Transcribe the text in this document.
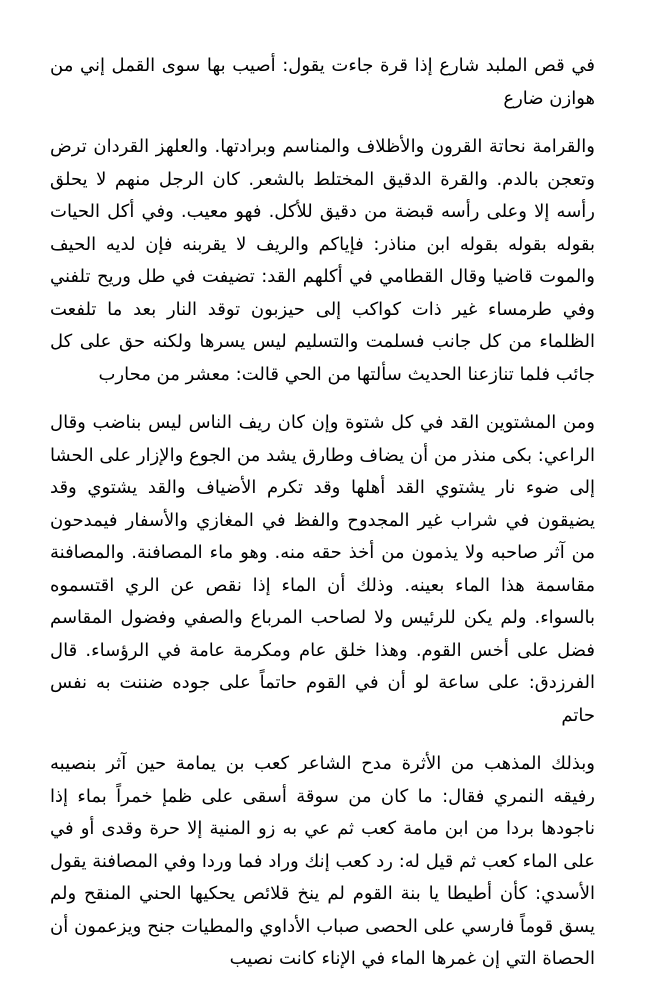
في قص الملبد شارع إذا قرة جاءت يقول: أصيب بها سوى القمل إني من هوازن ضارع

والقرامة نحاتة القرون والأظلاف والمناسم وبرادتها. والعلهز القردان ترض وتعجن بالدم. والقرة الدقيق المختلط بالشعر. كان الرجل منهم لا يحلق رأسه إلا وعلى رأسه قبضة من دقيق للأكل. فهو معيب. وفي أكل الحيات بقوله بقوله بقوله ابن مناذر: فإياكم والريف لا يقربنه فإن لديه الحيف والموت قاضيا وقال القطامي في أكلهم القد: تضيفت في طل وريح تلفني وفي طرمساء غير ذات كواكب إلى حيزبون توقد النار بعد ما تلفعت الظلماء من كل جانب فسلمت والتسليم ليس يسرها ولكنه حق على كل جائب فلما تنازعنا الحديث سألتها من الحي قالت: معشر من محارب

ومن المشتوين القد في كل شتوة وإن كان ريف الناس ليس بناضب وقال الراعي: بكى منذر من أن يضاف وطارق يشد من الجوع والإزار على الحشا إلى ضوء نار يشتوي القد أهلها وقد تكرم الأضياف والقد يشتوي وقد يضيقون في شراب غير المجدوح والفظ في المغازي والأسفار فيمدحون من آثر صاحبه ولا يذمون من أخذ حقه منه. وهو ماء المصافنة. والمصافنة مقاسمة هذا الماء بعينه. وذلك أن الماء إذا نقص عن الري اقتسموه بالسواء. ولم يكن للرئيس ولا لصاحب المرباع والصفي وفضول المقاسم فضل على أخس القوم. وهذا خلق عام ومكرمة عامة في الرؤساء. قال الفرزدق: على ساعة لو أن في القوم حاتماً على جوده ضننت به نفس حاتم

وبذلك المذهب من الأثرة مدح الشاعر كعب بن يمامة حين آثر بنصيبه رفيقه النمري فقال: ما كان من سوقة أسقى على ظمإ خمراً بماء إذا ناجودها بردا من ابن مامة كعب ثم عي به زو المنية إلا حرة وقدى أو في على الماء كعب ثم قيل له: رد كعب إنك وراد فما وردا وفي المصافنة يقول الأسدي: كأن أطيطا يا بنة القوم لم ينخ قلائص يحكيها الحني المنقح ولم يسق قوماً فارسي على الحصى صباب الأداوي والمطيات جنح ويزعمون أن الحصاة التي إن غمرها الماء في الإناء كانت نصيب
